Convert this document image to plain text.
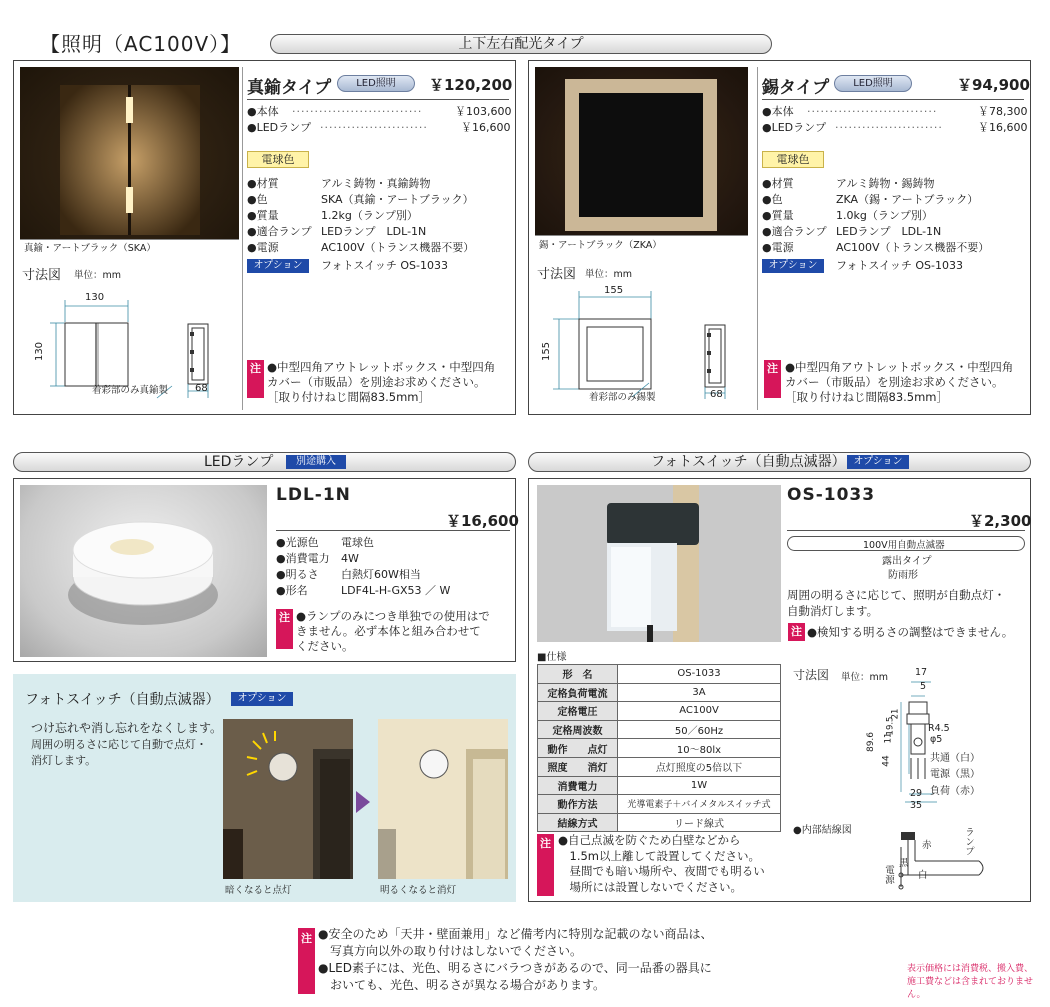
【照明（AC100V）】	上下左右配光タイプ
真鍮・アートブラック（SKA）
真鍮タイプ	LED照明	￥120,200
●本体 ·····························	￥103,600
●LEDランプ ························	￥16,600
電球色
●材質	アルミ鋳物・真鍮鋳物
●色	SKA（真鍮・アートブラック）
●質量	1.2kg（ランプ別）
●適合ランプ LEDランプ　LDL-1N
●電源	AC100V（トランス機器不要）
オプション	フォトスイッチ OS-1033
寸法図 単位：mm
130
130
68
着彩部のみ真鍮製
注 ●中型四角アウトレットボックス・中型四角
カバー（市販品）を別途お求めください。
［取り付けねじ間隔83.5mm］
錫・アートブラック（ZKA）
錫タイプ	LED照明	￥94,900
●本体 ·····························	￥78,300
●LEDランプ ························	￥16,600
電球色
●材質	アルミ鋳物・錫鋳物
●色	ZKA（錫・アートブラック）
●質量	1.0kg（ランプ別）
●適合ランプ LEDランプ　LDL-1N
●電源	AC100V（トランス機器不要）
オプション	フォトスイッチ OS-1033
寸法図 単位：mm
155
155
68
着彩部のみ錫製
注 ●中型四角アウトレットボックス・中型四角
カバー（市販品）を別途お求めください。
［取り付けねじ間隔83.5mm］
LEDランプ	別途購入
LDL-1N
￥16,600
●光源色 電球色
●消費電力 4W
●明るさ 白熱灯60W相当
●形名	LDF4L-H-GX53 ／ W
注 ●ランプのみにつき単独での使用はで
きません。必ず本体と組み合わせて
ください。
フォトスイッチ（自動点滅器）	オプション
つけ忘れや消し忘れをなくします。
周囲の明るさに応じて自動で点灯・
消灯します。
暗くなると点灯	明るくなると消灯
フォトスイッチ（自動点滅器） オプション
OS-1033
￥2,300
100V用自動点滅器
露出タイプ
防雨形
周囲の明るさに応じて、照明が自動点灯・
自動消灯します。
注 ●検知する明るさの調整はできません。
■仕様
形　名	OS-1033
定格負荷電流	3A
定格電圧	AC100V
定格周波数	50／60Hz
動作　　点灯	10～80lx
照度　　消灯	点灯照度の5倍以下
消費電力	1W
動作方法	光導電素子＋バイメタルスイッチ式
結線方式	リード線式
注 ●自己点滅を防ぐため白壁などから
　1.5m以上離して設置してください。
　昼間でも暗い場所や、夜間でも明るい
　場所には設置しないでください。
寸法図 単位：mm	17
5
21
19.5
11
89.6
44
R4.5
φ5
共通（白）
電源（黒）
負荷（赤）
29
35
●内部結線図	ランプ
赤
黒
白
電源
注 ●安全のため「天井・壁面兼用」など備考内に特別な記載のない商品は、
　写真方向以外の取り付けはしないでください。
●LED素子には、光色、明るさにバラつきがあるので、同一品番の器具に
　おいても、光色、明るさが異なる場合があります。
表示価格には消費税、搬入費、
施工費などは含まれておりません。
